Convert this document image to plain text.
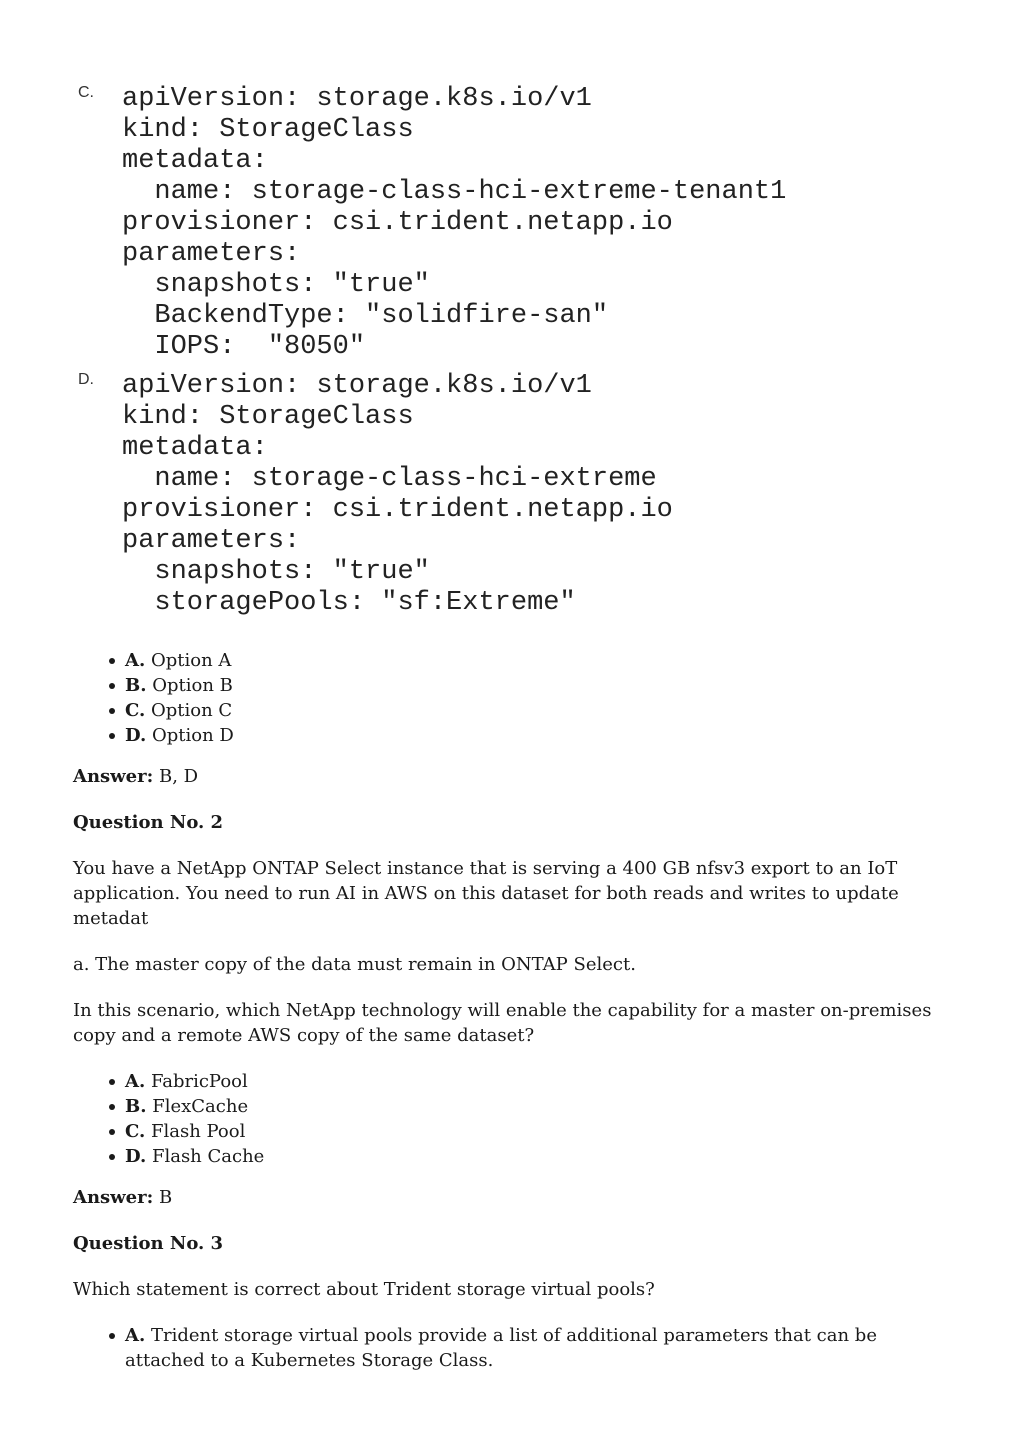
C. apiVersion: storage.k8s.io/v1
kind: StorageClass
metadata:
name: storage-class-hci-extreme-tenant1
provisioner: csi.trident.netapp.io
parameters:
snapshots: "true"
BackendType: "solidfire-san"
IOPS:  "8050"
D. apiVersion: storage.k8s.io/v1
kind: StorageClass
metadata:
name: storage-class-hci-extreme
provisioner: csi.trident.netapp.io
parameters:
snapshots: "true"
storagePools: "sf:Extreme"
A. Option A
B. Option B
C. Option C
D. Option D

Answer: B, D

Question No. 2

You have a NetApp ONTAP Select instance that is serving a 400 GB nfsv3 export to an IoT application. You need to run AI in AWS on this dataset for both reads and writes to update metadat

a. The master copy of the data must remain in ONTAP Select.

In this scenario, which NetApp technology will enable the capability for a master on-premises copy and a remote AWS copy of the same dataset?

A. FabricPool
B. FlexCache
C. Flash Pool
D. Flash Cache

Answer: B

Question No. 3

Which statement is correct about Trident storage virtual pools?

A. Trident storage virtual pools provide a list of additional parameters that can be attached to a Kubernetes Storage Class.
